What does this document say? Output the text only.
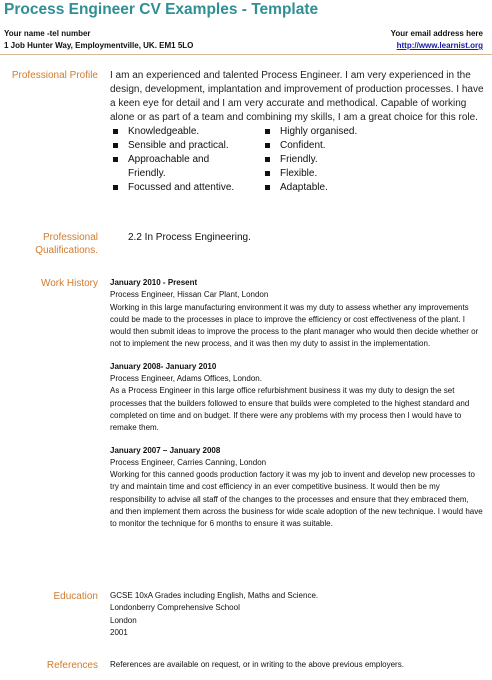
Process Engineer CV Examples - Template
Your name -tel number
1 Job Hunter Way, Employmentville, UK. EM1 5LO
Your email address here
http://www.learnist.org
Professional Profile I am an experienced and talented Process Engineer. I am very experienced in the design, development, implantation and improvement of production processes. I have a keen eye for detail and I am very accurate and methodical. Capable of working alone or as part of a team and combining my skills, I am a great choice for this role.
Knowledgeable.
Sensible and practical.
Approachable and Friendly.
Focussed and attentive.
Highly organised.
Confident.
Friendly.
Flexible.
Adaptable.
Professional Qualifications.
2.2 In Process Engineering.
Work History January 2010 - Present
Process Engineer, Hissan Car Plant, London
Working in this large manufacturing environment it was my duty to assess whether any improvements could be made to the processes in place to improve the efficiency or cost effectiveness of the plant. I would then submit ideas to improve the process to the plant manager who would then decide whether or not to implement the new process, and it was then my duty to assist in the implementation.
January 2008- January 2010
Process Engineer, Adams Offices, London.
As a Process Engineer in this large office refurbishment business it was my duty to design the set processes that the builders followed to ensure that builds were completed to the highest standard and completed on time and on budget. If there were any problems with my process then I would have to remake them.
January 2007 – January 2008
Process Engineer, Carries Canning, London
Working for this canned goods production factory it was my job to invent and develop new processes to try and maintain time and cost efficiency in an ever competitive business. It would then be my responsibility to advise all staff of the changes to the processes and ensure that they embraced them, and then implement them across the business for wide scale adoption of the new technique. I would have to monitor the technique for 6 months to ensure it was suitable.
Education GCSE 10xA Grades including English, Maths and Science.
Londonberry Comprehensive School
London
2001
References References are available on request, or in writing to the above previous employers.
